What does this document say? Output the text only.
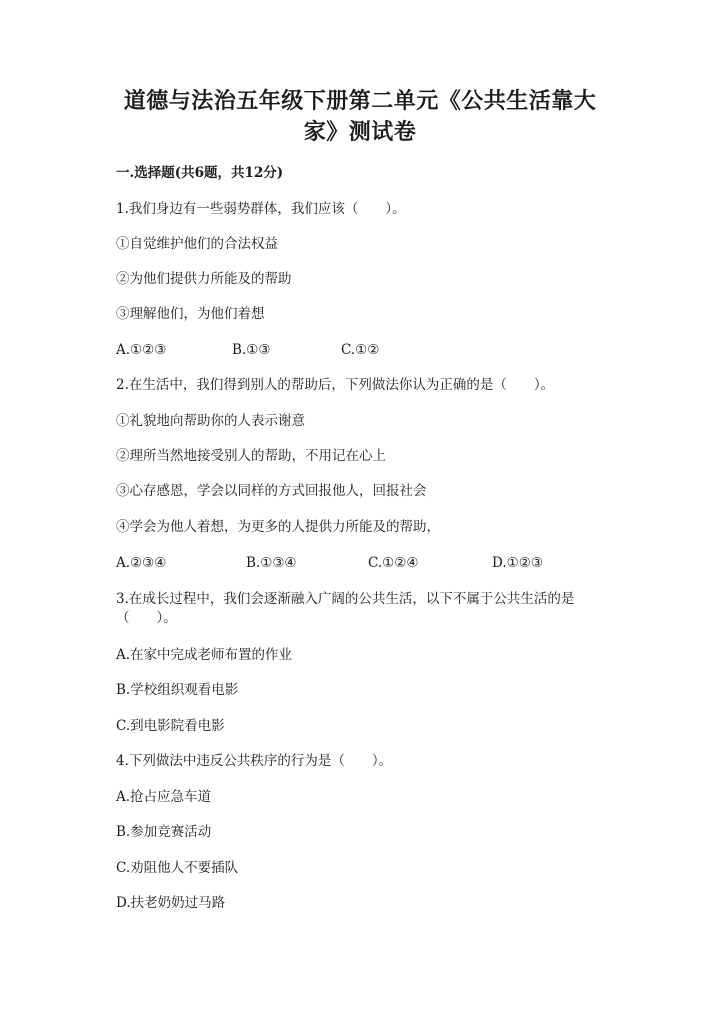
道德与法治五年级下册第二单元《公共生活靠大家》测试卷
一.选择题(共6题，共12分)
1.我们身边有一些弱势群体，我们应该（　　）。
①自觉维护他们的合法权益
②为他们提供力所能及的帮助
③理解他们，为他们着想
A.①②③	B.①③	C.①②
2.在生活中，我们得到别人的帮助后，下列做法你认为正确的是（　　）。
①礼貌地向帮助你的人表示谢意
②理所当然地接受别人的帮助，不用记在心上
③心存感恩，学会以同样的方式回报他人，回报社会
④学会为他人着想，为更多的人提供力所能及的帮助，
A.②③④	B.①③④	C.①②④	D.①②③
3.在成长过程中，我们会逐渐融入广阔的公共生活，以下不属于公共生活的是
（　　）。
A.在家中完成老师布置的作业
B.学校组织观看电影
C.到电影院看电影
4.下列做法中违反公共秩序的行为是（　　）。
A.抢占应急车道
B.参加竞赛活动
C.劝阻他人不要插队
D.扶老奶奶过马路
